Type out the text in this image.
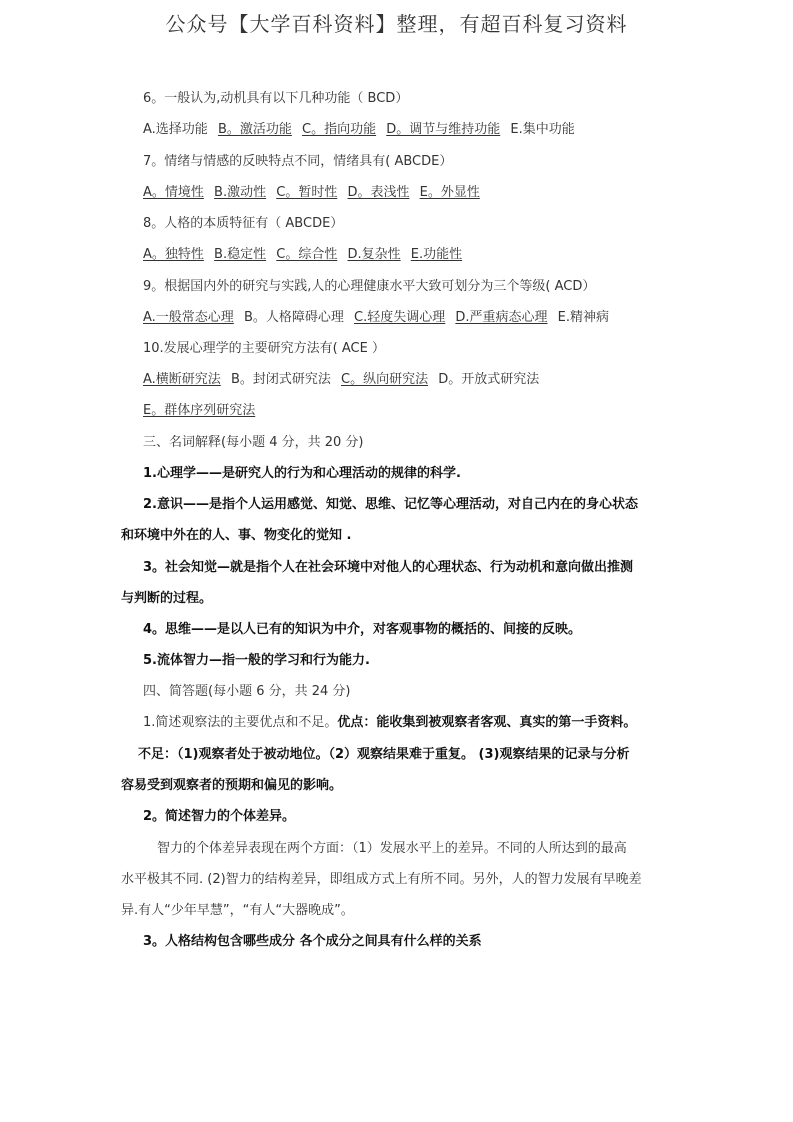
公众号【大学百科资料】整理，有超百科复习资料
6。一般认为,动机具有以下几种功能（ BCD）
A.选择功能 B。激活功能 C。指向功能 D。调节与维持功能 E.集中功能
7。情绪与情感的反映特点不同，情绪具有( ABCDE）
A。情境性 B.激动性 C。暂时性 D。表浅性 E。外显性
8。人格的本质特征有（ ABCDE）
A。独特性 B.稳定性 C。综合性 D.复杂性 E.功能性
9。根据国内外的研究与实践,人的心理健康水平大致可划分为三个等级( ACD）
A.一般常态心理 B。人格障碍心理 C.轻度失调心理 D.严重病态心理 E.精神病
10.发展心理学的主要研究方法有( ACE ）
A.横断研究法 B。封闭式研究法 C。纵向研究法 D。开放式研究法
E。群体序列研究法
三、名词解释(每小题 4 分，共 20 分)
1.心理学——是研究人的行为和心理活动的规律的科学.
2.意识——是指个人运用感觉、知觉、思维、记忆等心理活动，对自己内在的身心状态
和环境中外在的人、事、物变化的觉知 .
3。社会知觉—就是指个人在社会环境中对他人的心理状态、行为动机和意向做出推测
与判断的过程。
4。思维——是以人已有的知识为中介，对客观事物的概括的、间接的反映。
5.流体智力—指一般的学习和行为能力.
四、简答题(每小题 6 分，共 24 分)
1.简述观察法的主要优点和不足。优点：能收集到被观察者客观、真实的第一手资料。
不足：（1)观察者处于被动地位。（2）观察结果难于重复。 (3)观察结果的记录与分析
容易受到观察者的预期和偏见的影响。
2。简述智力的个体差异。
智力的个体差异表现在两个方面：（1）发展水平上的差异。不同的人所达到的最高
水平极其不同. (2)智力的结构差异，即组成方式上有所不同。另外，人的智力发展有早晚差
异.有人“少年早慧”，“有人“大器晚成”。
3。人格结构包含哪些成分 各个成分之间具有什么样的关系
